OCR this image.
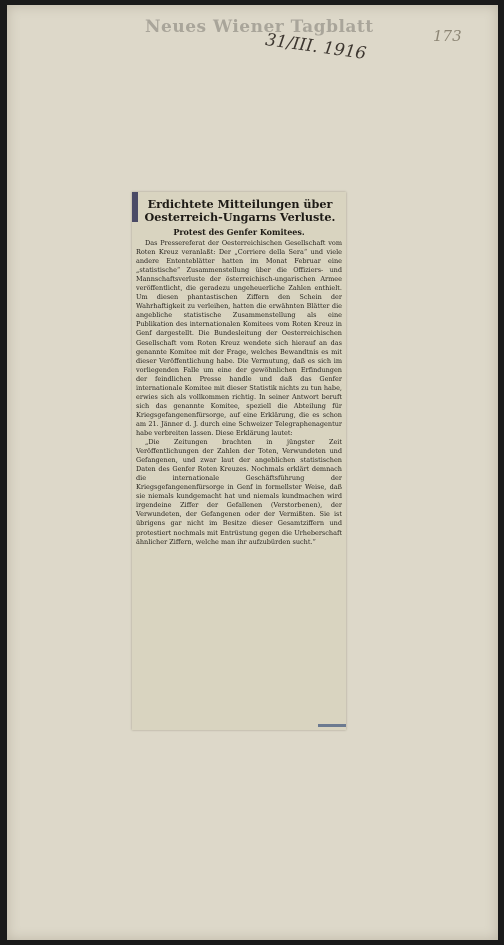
Neues Wiener Tagblatt
31/III. 1916	173
Erdichtete Mitteilungen über Oesterreich-Ungarns Verluste.
Protest des Genfer Komitees.

Das Pressereferat der Oesterreichischen Gesellschaft vom Roten Kreuz veranlaßt: Der „Corriere della Sera“ und viele andere Ententeblätter hatten im Monat Februar eine „statistische“ Zusammenstellung über die Offiziers- und Mannschaftsverluste der österreichisch-ungarischen Armee veröffentlicht, die geradezu ungeheuerliche Zahlen enthielt. Um diesen phantastischen Ziffern den Schein der Wahrhaftigkeit zu verleihen, hatten die erwähnten Blätter die angebliche statistische Zusammenstellung als eine Publikation des internationalen Komitees vom Roten Kreuz in Genf dargestellt. Die Bundesleitung der Oesterreichischen Gesellschaft vom Roten Kreuz wendete sich hierauf an das genannte Komitee mit der Frage, welches Bewandtnis es mit dieser Veröffentlichung habe. Die Vermutung, daß es sich im vorliegenden Falle um eine der gewöhnlichen Erfindungen der feindlichen Presse handle und daß das Genfer internationale Komitee mit dieser Statistik nichts zu tun habe, erwies sich als vollkommen richtig. In seiner Antwort beruft sich das genannte Komitee, speziell die Abteilung für Kriegsgefangenenfürsorge, auf eine Erklärung, die es schon am 21. Jänner d. J. durch eine Schweizer Telegraphenagentur habe verbreiten lassen. Diese Erklärung lautet:

„Die Zeitungen brachten in jüngster Zeit Veröffentlichungen der Zahlen der Toten, Verwundeten und Gefangenen, und zwar laut der angeblichen statistischen Daten des Genfer Roten Kreuzes. Nochmals erklärt demnach die internationale Geschäftsführung der Kriegsgefangenenfürsorge in Genf in formellster Weise, daß sie niemals kundgemacht hat und niemals kundmachen wird irgendeine Ziffer der Gefallenen (Verstorbenen), der Verwundeten, der Gefangenen oder der Vermißten. Sie ist übrigens gar nicht im Besitze dieser Gesamtziffern und protestiert nochmals mit Entrüstung gegen die Urheberschaft ähnlicher Ziffern, welche man ihr aufzubürden sucht.“
